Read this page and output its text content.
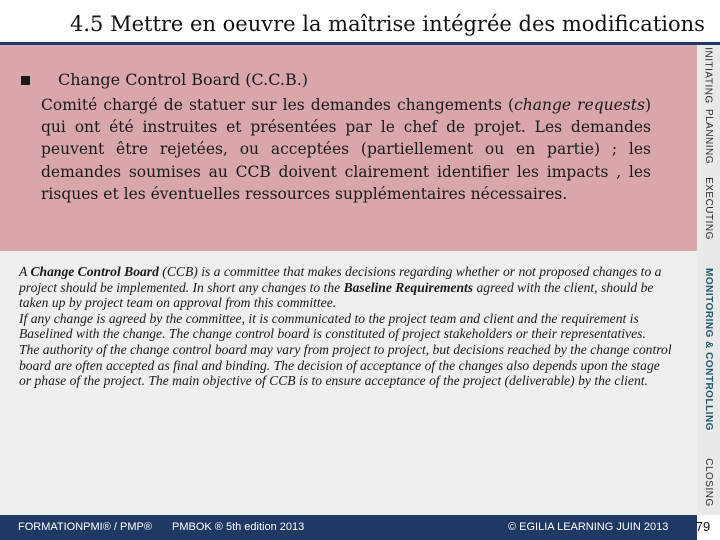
4.5 Mettre en oeuvre la maîtrise intégrée des modifications

Change Control Board (C.C.B.)

Comité chargé de statuer sur les demandes changements (change requests) qui ont été instruites et présentées par le chef de projet. Les demandes peuvent être rejetées, ou acceptées (partiellement ou en partie) ; les demandes soumises au CCB doivent clairement identifier les impacts , les risques et les éventuelles ressources supplémentaires nécessaires.

A Change Control Board (CCB) is a committee that makes decisions regarding whether or not proposed changes to a project should be implemented. In short any changes to the Baseline Requirements agreed with the client, should be taken up by project team on approval from this committee.
If any change is agreed by the committee, it is communicated to the project team and client and the requirement is Baselined with the change. The change control board is constituted of project stakeholders or their representatives.
The authority of the change control board may vary from project to project, but decisions reached by the change control board are often accepted as final and binding. The decision of acceptance of the changes also depends upon the stage or phase of the project. The main objective of CCB is to ensure acceptance of the project (deliverable) by the client.
INITIATING
PLANNING
EXECUTING
MONITORING & CONTROLLING
CLOSING
FORMATIONPMI® / PMP® PMBOK ® 5th edition 2013	© EGILIA LEARNING JUIN 2013	79
